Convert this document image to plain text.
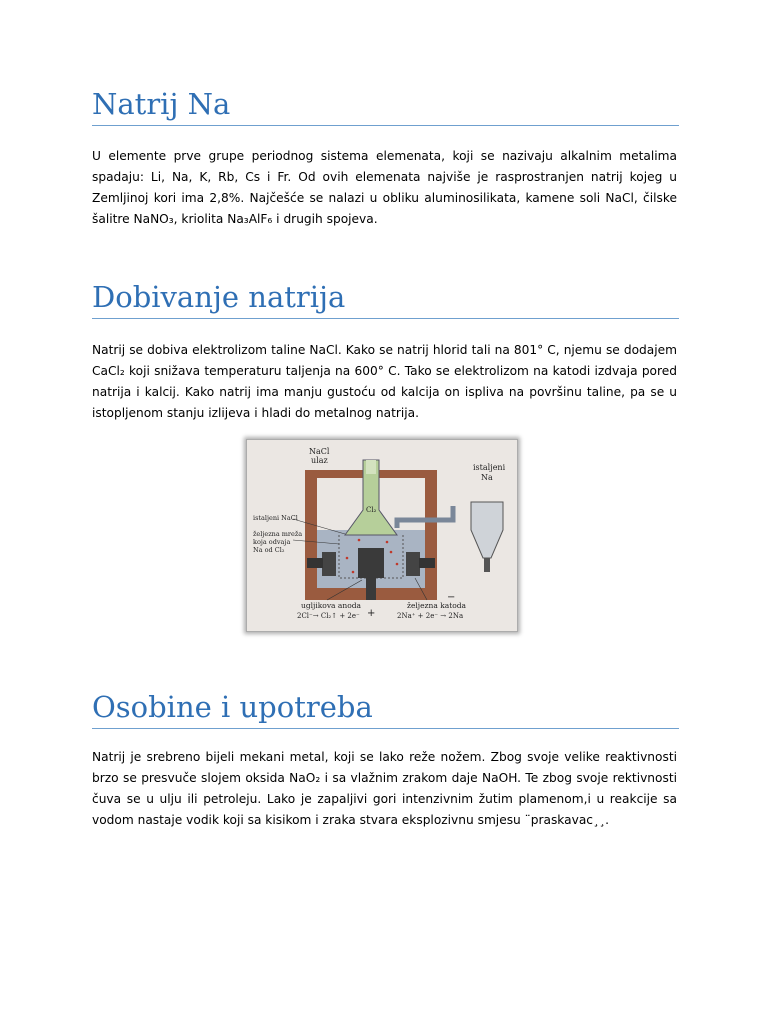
Natrij Na

U elemente prve grupe periodnog sistema elemenata, koji se nazivaju alkalnim metalima spadaju: Li, Na, K, Rb, Cs i Fr. Od ovih elemenata najviše je rasprostranjen natrij kojeg u Zemljinoj kori ima 2,8%. Najčešće se nalazi u obliku aluminosilikata, kamene soli NaCl, čilske šalitre NaNO₃, kriolita Na₃AlF₆ i drugih spojeva.

Dobivanje natrija

Natrij se dobiva elektrolizom taline NaCl. Kako se natrij hlorid tali na 801° C, njemu se dodajem CaCl₂ koji snižava temperaturu taljenja na 600° C. Tako se elektrolizom na katodi izdvaja pored natrija i kalcij. Kako natrij ima manju gustoću od kalcija on ispliva na površinu taline, pa se u istopljenom stanju izlijeva i hladi do metalnog natrija.

NaCl
ulaz
Cl₂
istaljeni
Na
istaljeni NaCl
željezna mreža
koja odvaja
Na od Cl₂
ugljikova anoda
2Cl⁻→ Cl₂↑ + 2e⁻
željezna katoda
2Na⁺ + 2e⁻ → 2Na
+
−
Osobine i upotreba

Natrij je srebreno bijeli mekani metal, koji se lako reže nožem. Zbog svoje velike reaktivnosti brzo se presvuče slojem oksida NaO₂ i sa vlažnim zrakom daje NaOH. Te zbog svoje rektivnosti čuva se u ulju ili petroleju. Lako je zapaljivi gori intenzivnim žutim plamenom,i u reakcije sa vodom nastaje vodik koji sa kisikom i zraka stvara eksplozivnu smjesu ¨praskavac¸¸.
